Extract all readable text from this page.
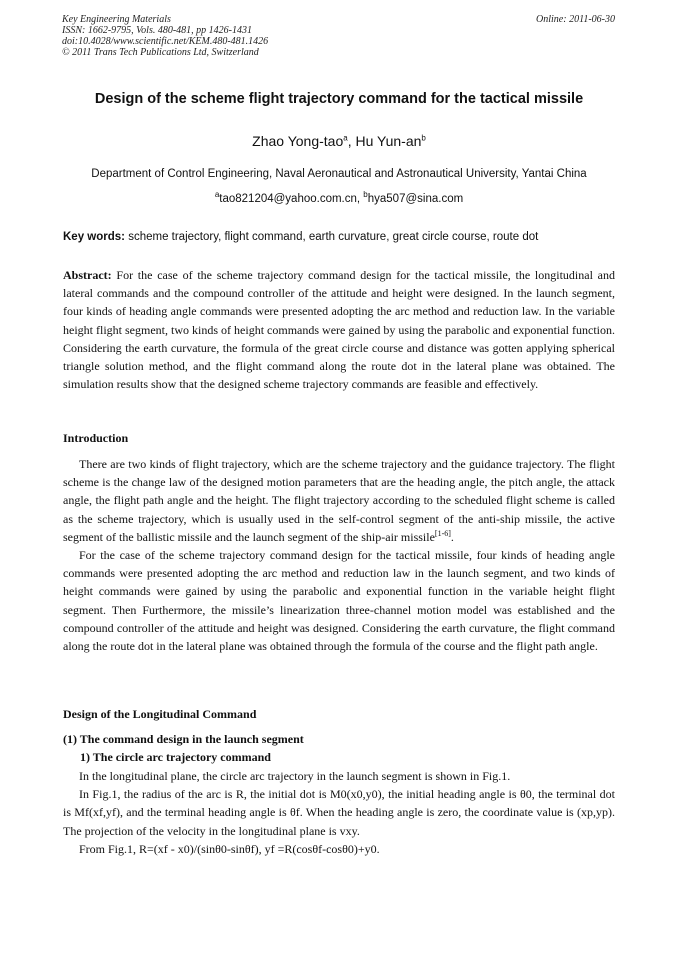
Key Engineering Materials
ISSN: 1662-9795, Vols. 480-481, pp 1426-1431
doi:10.4028/www.scientific.net/KEM.480-481.1426
© 2011 Trans Tech Publications Ltd, Switzerland
Online: 2011-06-30
Design of the scheme flight trajectory command for the tactical missile
Zhao Yong-tao$^a$, Hu Yun-$an^b$
Department of Control Engineering, Naval Aeronautical and Astronautical University, Yantai China
$^a$tao821204@yahoo.com.cn, $^b$hya507@sina.com
Key words: scheme trajectory, flight command, earth curvature, great circle course, route dot
Abstract: For the case of the scheme trajectory command design for the tactical missile, the longitudinal and lateral commands and the compound controller of the attitude and height were designed. In the launch segment, four kinds of heading angle commands were presented adopting the arc method and reduction law. In the variable height flight segment, two kinds of height commands were gained by using the parabolic and exponential function. Considering the earth curvature, the formula of the great circle course and distance was gotten applying spherical triangle solution method, and the flight command along the route dot in the lateral plane was obtained. The simulation results show that the designed scheme trajectory commands are feasible and effectively.
Introduction

There are two kinds of flight trajectory, which are the scheme trajectory and the guidance trajectory. The flight scheme is the change law of the designed motion parameters that are the heading angle, the pitch angle, the attack angle, the flight path angle and the height. The flight trajectory according to the scheduled flight scheme is called as the scheme trajectory, which is usually used in the self-control segment of the anti-ship missile, the active segment of the ballistic missile and the launch segment of the ship-air missile[1-6].

For the case of the scheme trajectory command design for the tactical missile, four kinds of heading angle commands were presented adopting the arc method and reduction law in the launch segment, and two kinds of height commands were gained by using the parabolic and exponential function in the variable height flight segment. Then Furthermore, the missile’s linearization three-channel motion model was established and the compound controller of the attitude and height was designed. Considering the earth curvature, the flight command along the route dot in the lateral plane was obtained through the formula of the course and the flight path angle.

Design of the Longitudinal Command
(1) The command design in the launch segment
1) The circle arc trajectory command

In the longitudinal plane, the circle arc trajectory in the launch segment is shown in Fig.1.

In Fig.1, the radius of the arc is R, the initial dot is M0(x0,y0), the initial heading angle is θ0, the terminal dot is Mf(xf,yf), and the terminal heading angle is θf. When the heading angle is zero, the coordinate value is (xp,yp). The projection of the velocity in the longitudinal plane is vxy.

From Fig.1, R=(xf - x0)/(sinθ0-sinθf), yf =R(cosθf-cosθ0)+y0.
